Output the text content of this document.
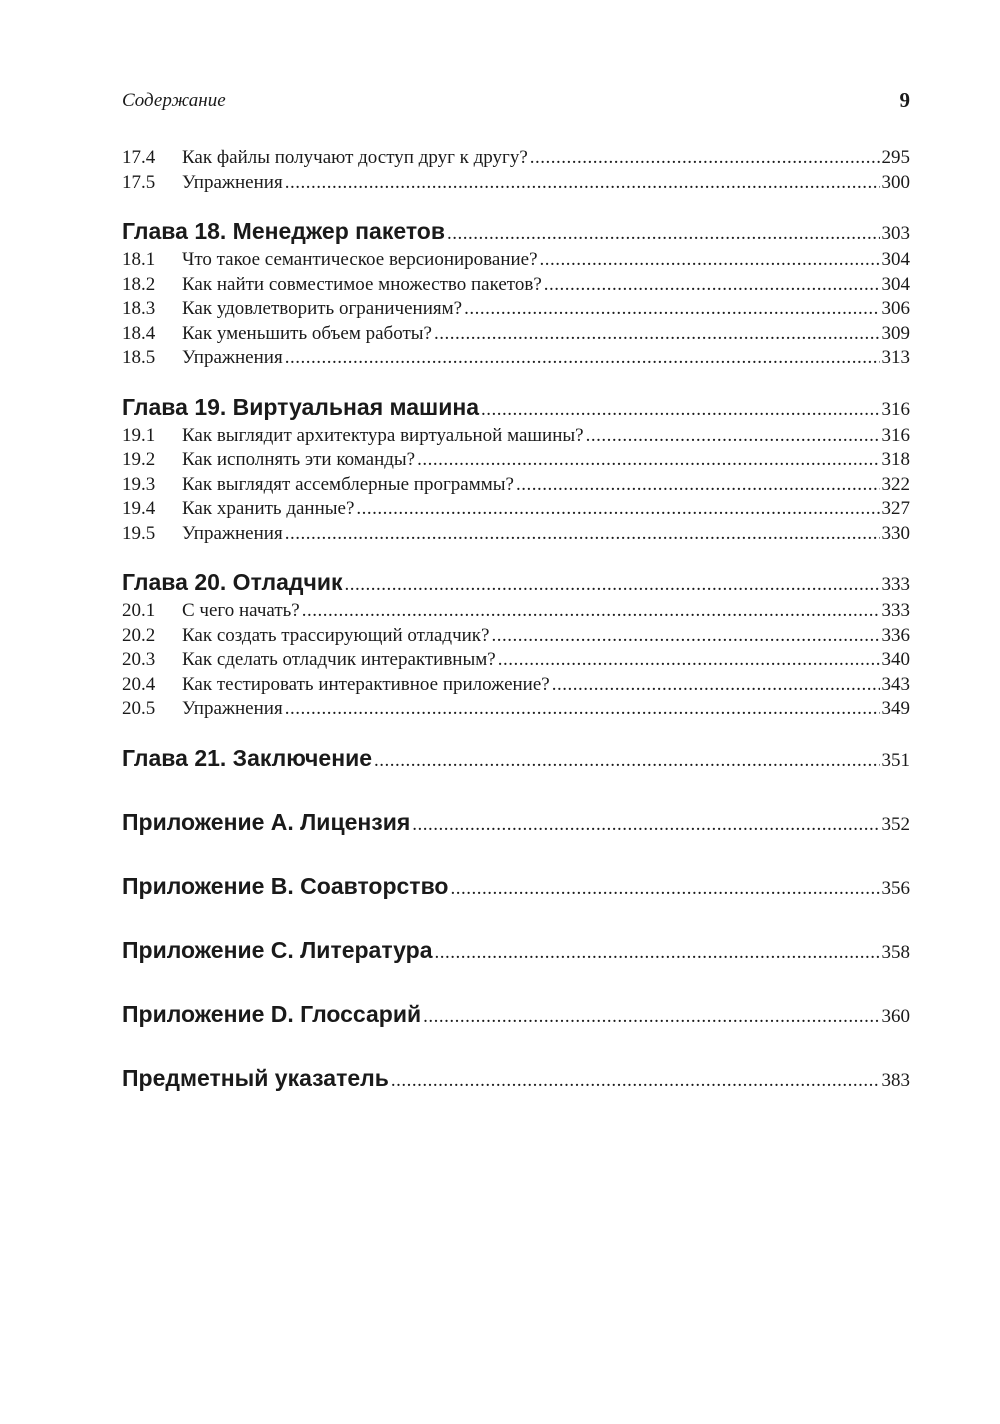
Содержание	9
17.4	Как файлы получают доступ друг к другу? .....	295
17.5	Упражнения .....	300
Глава 18. Менеджер пакетов .....	303
18.1	Что такое семантическое версионирование? .....	304
18.2	Как найти совместимое множество пакетов? .....	304
18.3	Как удовлетворить ограничениям? .....	306
18.4	Как уменьшить объем работы? .....	309
18.5	Упражнения .....	313
Глава 19. Виртуальная машина .....	316
19.1	Как выглядит архитектура виртуальной машины? .....	316
19.2	Как исполнять эти команды? .....	318
19.3	Как выглядят ассемблерные программы? .....	322
19.4	Как хранить данные? .....	327
19.5	Упражнения .....	330
Глава 20. Отладчик .....	333
20.1	С чего начать? .....	333
20.2	Как создать трассирующий отладчик? .....	336
20.3	Как сделать отладчик интерактивным? .....	340
20.4	Как тестировать интерактивное приложение? .....	343
20.5	Упражнения .....	349
Глава 21. Заключение .....	351
Приложение A. Лицензия .....	352
Приложение B. Соавторство .....	356
Приложение C. Литература .....	358
Приложение D. Глоссарий .....	360
Предметный указатель .....	383
